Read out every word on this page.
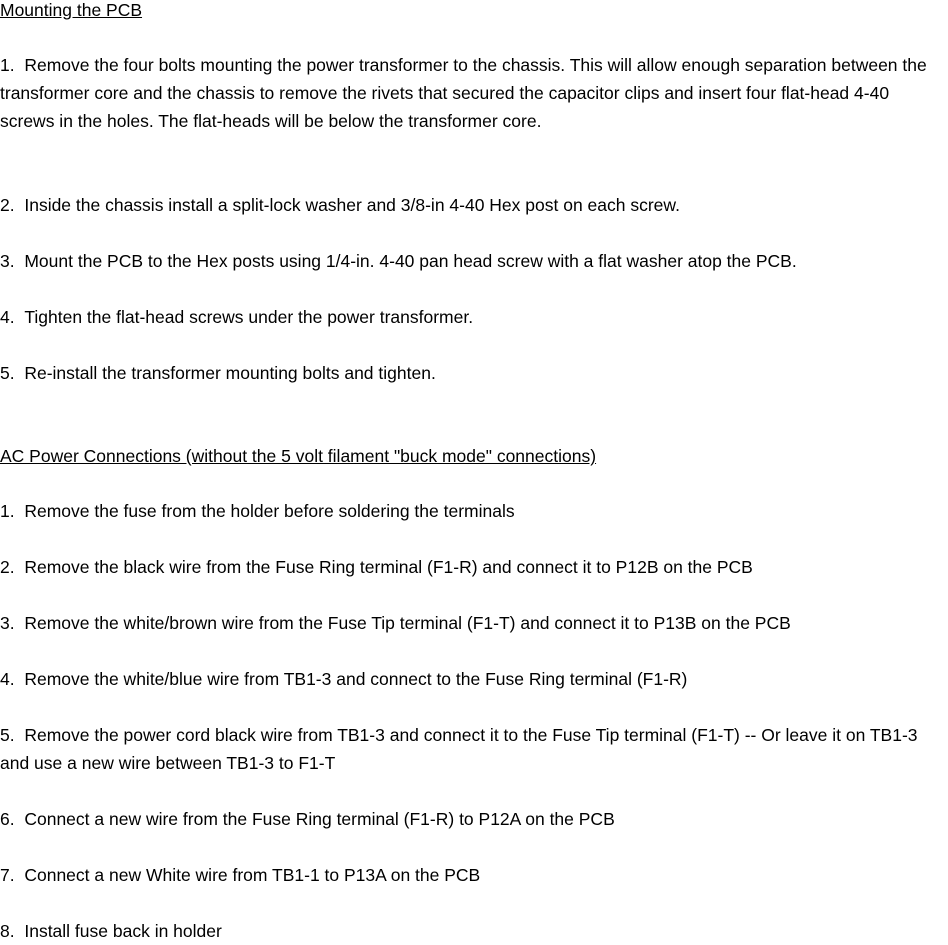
Mounting the PCB

1. Remove the four bolts mounting the power transformer to the chassis. This will allow enough separation between the transformer core and the chassis to remove the rivets that secured the capacitor clips and insert four flat-head 4-40 screws in the holes. The flat-heads will be below the transformer core.

2. Inside the chassis install a split-lock washer and 3/8-in 4-40 Hex post on each screw.

3. Mount the PCB to the Hex posts using 1/4-in. 4-40 pan head screw with a flat washer atop the PCB.

4. Tighten the flat-head screws under the power transformer.

5. Re-install the transformer mounting bolts and tighten.

AC Power Connections (without the 5 volt filament "buck mode" connections)

1. Remove the fuse from the holder before soldering the terminals

2. Remove the black wire from the Fuse Ring terminal (F1-R) and connect it to P12B on the PCB

3. Remove the white/brown wire from the Fuse Tip terminal (F1-T) and connect it to P13B on the PCB

4. Remove the white/blue wire from TB1-3 and connect to the Fuse Ring terminal (F1-R)

5. Remove the power cord black wire from TB1-3 and connect it to the Fuse Tip terminal (F1-T) -- Or leave it on TB1-3 and use a new wire between TB1-3 to F1-T

6. Connect a new wire from the Fuse Ring terminal (F1-R) to P12A on the PCB

7. Connect a new White wire from TB1-1 to P13A on the PCB

8. Install fuse back in holder
